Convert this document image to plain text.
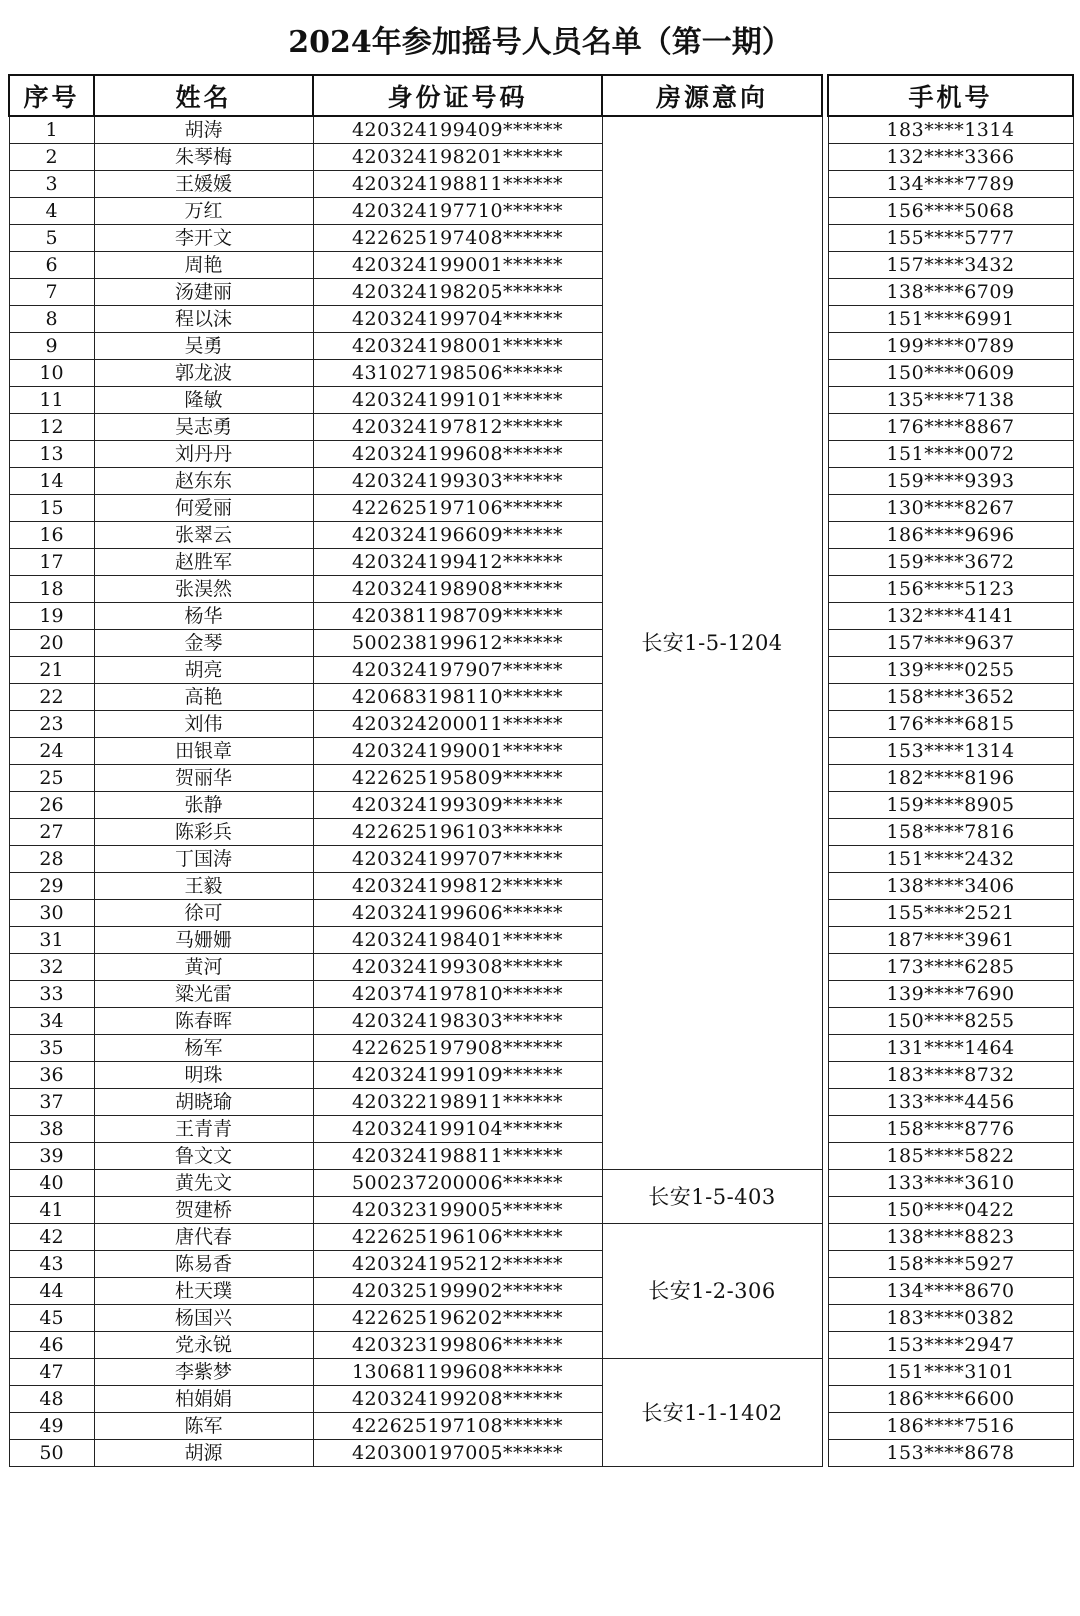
2024年参加摇号人员名单（第一期）
序号	姓名	身份证号码	房源意向		手机号
1	胡涛	420324199409******	长安1-5-1204		183****1314
2	朱琴梅	420324198201******			132****3366
3	王媛媛	420324198811******			134****7789
4	万红	420324197710******			156****5068
5	李开文	422625197408******			155****5777
6	周艳	420324199001******			157****3432
7	汤建丽	420324198205******			138****6709
8	程以沫	420324199704******			151****6991
9	吴勇	420324198001******			199****0789
10	郭龙波	431027198506******			150****0609
11	隆敏	420324199101******			135****7138
12	吴志勇	420324197812******			176****8867
13	刘丹丹	420324199608******			151****0072
14	赵东东	420324199303******			159****9393
15	何爱丽	422625197106******			130****8267
16	张翠云	420324196609******			186****9696
17	赵胜军	420324199412******			159****3672
18	张淏然	420324198908******			156****5123
19	杨华	420381198709******			132****4141
20	金琴	500238199612******			157****9637
21	胡亮	420324197907******			139****0255
22	高艳	420683198110******			158****3652
23	刘伟	420324200011******			176****6815
24	田银章	420324199001******			153****1314
25	贺丽华	422625195809******			182****8196
26	张静	420324199309******			159****8905
27	陈彩兵	422625196103******			158****7816
28	丁国涛	420324199707******			151****2432
29	王毅	420324199812******			138****3406
30	徐可	420324199606******			155****2521
31	马姗姗	420324198401******			187****3961
32	黄河	420324199308******			173****6285
33	粱光雷	420374197810******			139****7690
34	陈春晖	420324198303******			150****8255
35	杨军	422625197908******			131****1464
36	明珠	420324199109******			183****8732
37	胡晓瑜	420322198911******			133****4456
38	王青青	420324199104******			158****8776
39	鲁文文	420324198811******			185****5822
40	黄先文	500237200006******	长安1-5-403		133****3610
41	贺建桥	420323199005******			150****0422
42	唐代春	422625196106******	长安1-2-306		138****8823
43	陈易香	420324195212******			158****5927
44	杜天璞	420325199902******			134****8670
45	杨国兴	422625196202******			183****0382
46	党永锐	420323199806******			153****2947
47	李紫梦	130681199608******	长安1-1-1402		151****3101
48	柏娟娟	420324199208******			186****6600
49	陈军	422625197108******			186****7516
50	胡源	420300197005******			153****8678
